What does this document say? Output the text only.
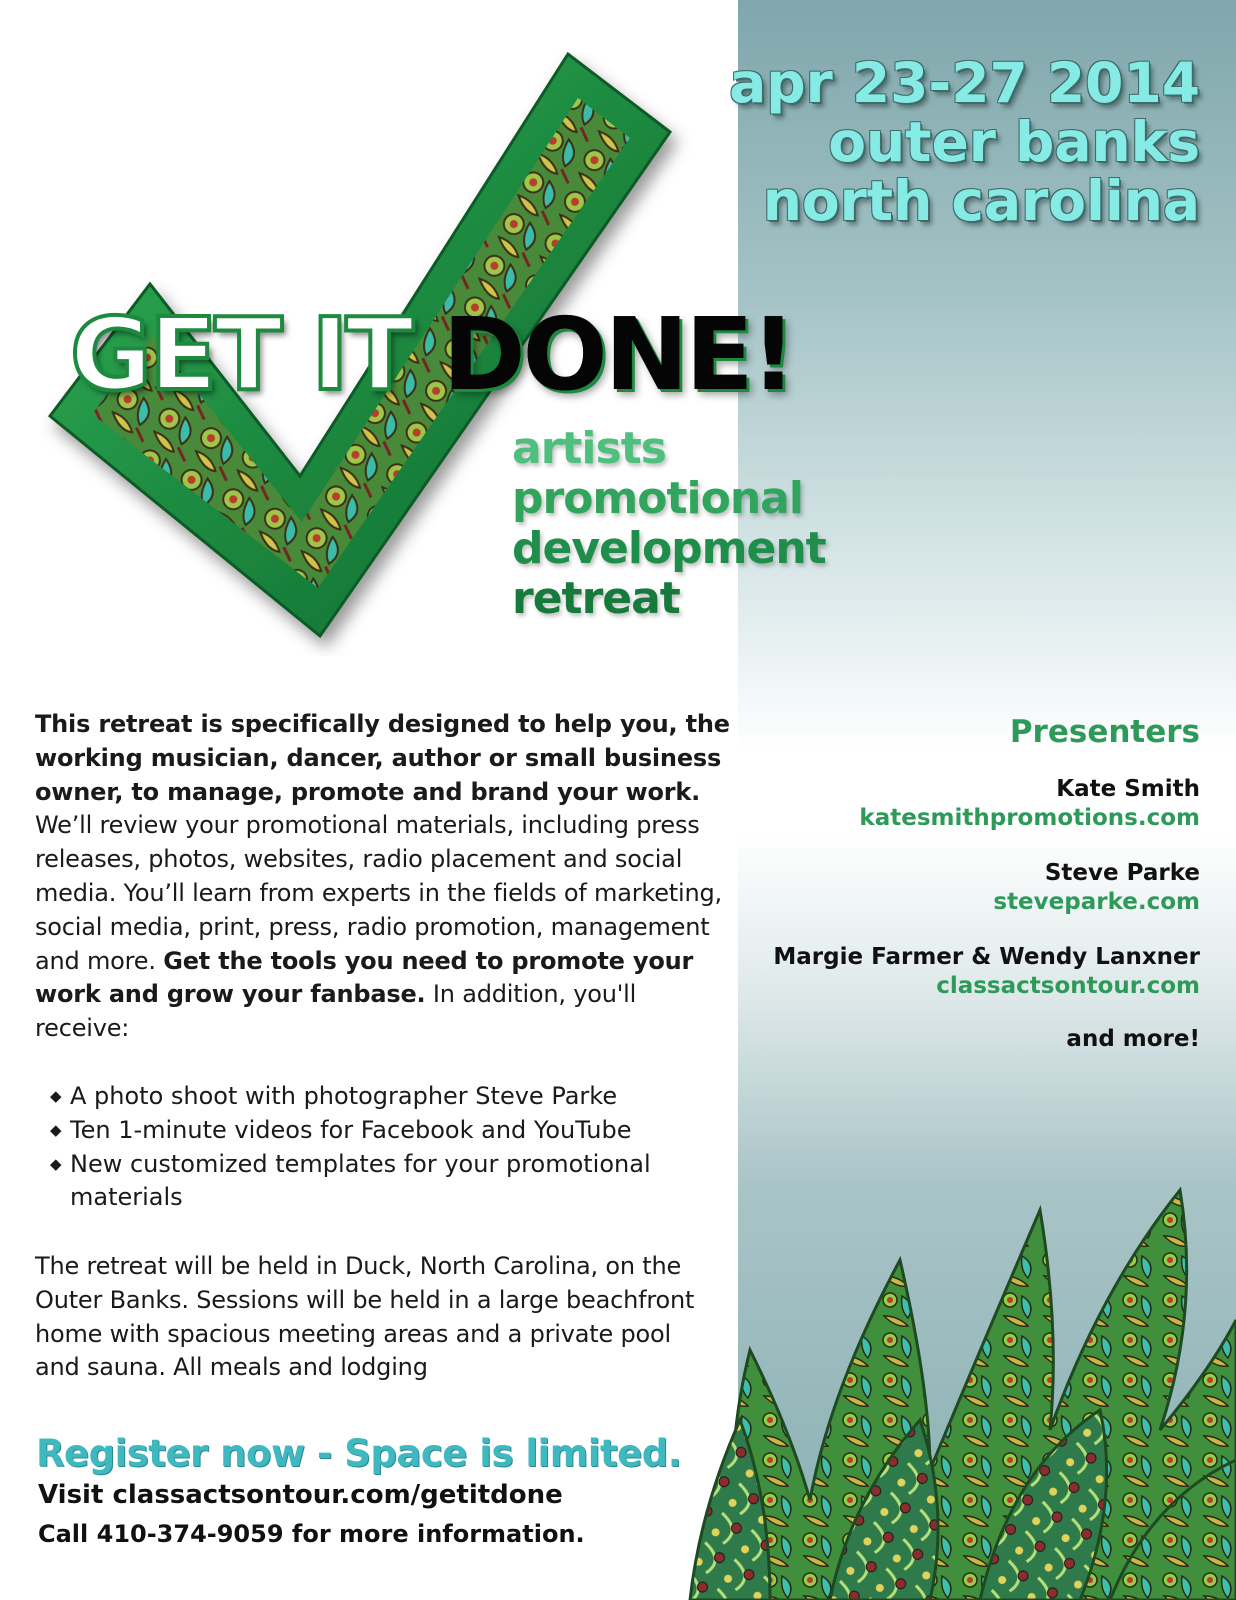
apr 23-27 2014
outer banks
north carolina
GET IT DONE!
artists
promotional
development
retreat

This retreat is specifically designed to help you, the working musician, dancer, author or small business owner, to manage, promote and brand your work. We’ll review your promotional materials, including press releases, photos, websites, radio placement and social media. You’ll learn from experts in the fields of marketing, social media, print, press, radio promotion, management and more. Get the tools you need to promote your work and grow your fanbase. In addition, you'll receive:

◆ A photo shoot with photographer Steve Parke
◆ Ten 1-minute videos for Facebook and YouTube
◆ New customized templates for your promotional materials
The retreat will be held in Duck, North Carolina, on the Outer Banks. Sessions will be held in a large beachfront home with spacious meeting areas and a private pool and sauna. All meals and lodging
Register now - Space is limited.
Visit classactsontour.com/getitdone
Call 410-374-9059 for more information.
Presenters
Kate Smith
katesmithpromotions.com
Steve Parke
steveparke.com
Margie Farmer & Wendy Lanxner
classactsontour.com
and more!
